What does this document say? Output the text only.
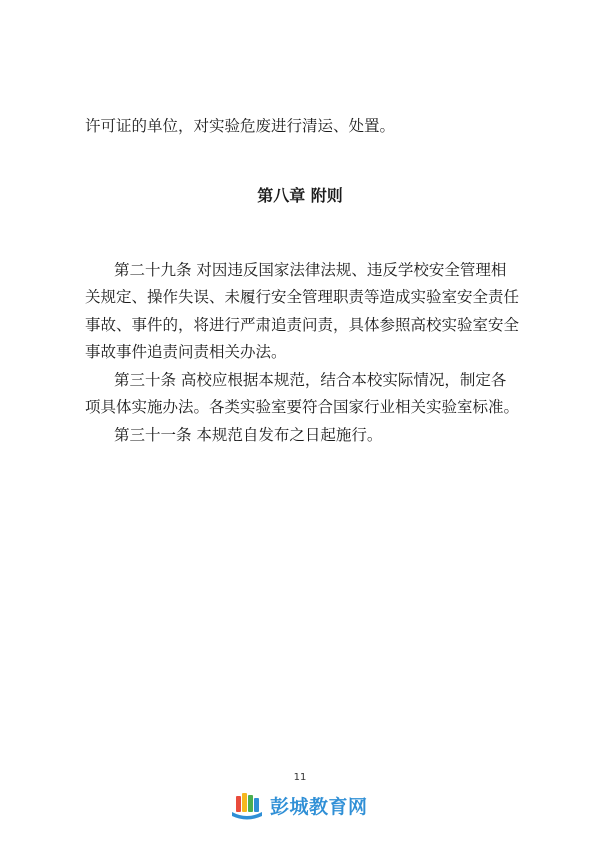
许可证的单位，对实验危废进行清运、处置。
第八章 附则
第二十九条 对因违反国家法律法规、违反学校安全管理相
关规定、操作失误、未履行安全管理职责等造成实验室安全责任
事故、事件的，将进行严肃追责问责，具体参照高校实验室安全
事故事件追责问责相关办法。
第三十条 高校应根据本规范，结合本校实际情况，制定各
项具体实施办法。各类实验室要符合国家行业相关实验室标准。
第三十一条 本规范自发布之日起施行。
11
彭城教育网
